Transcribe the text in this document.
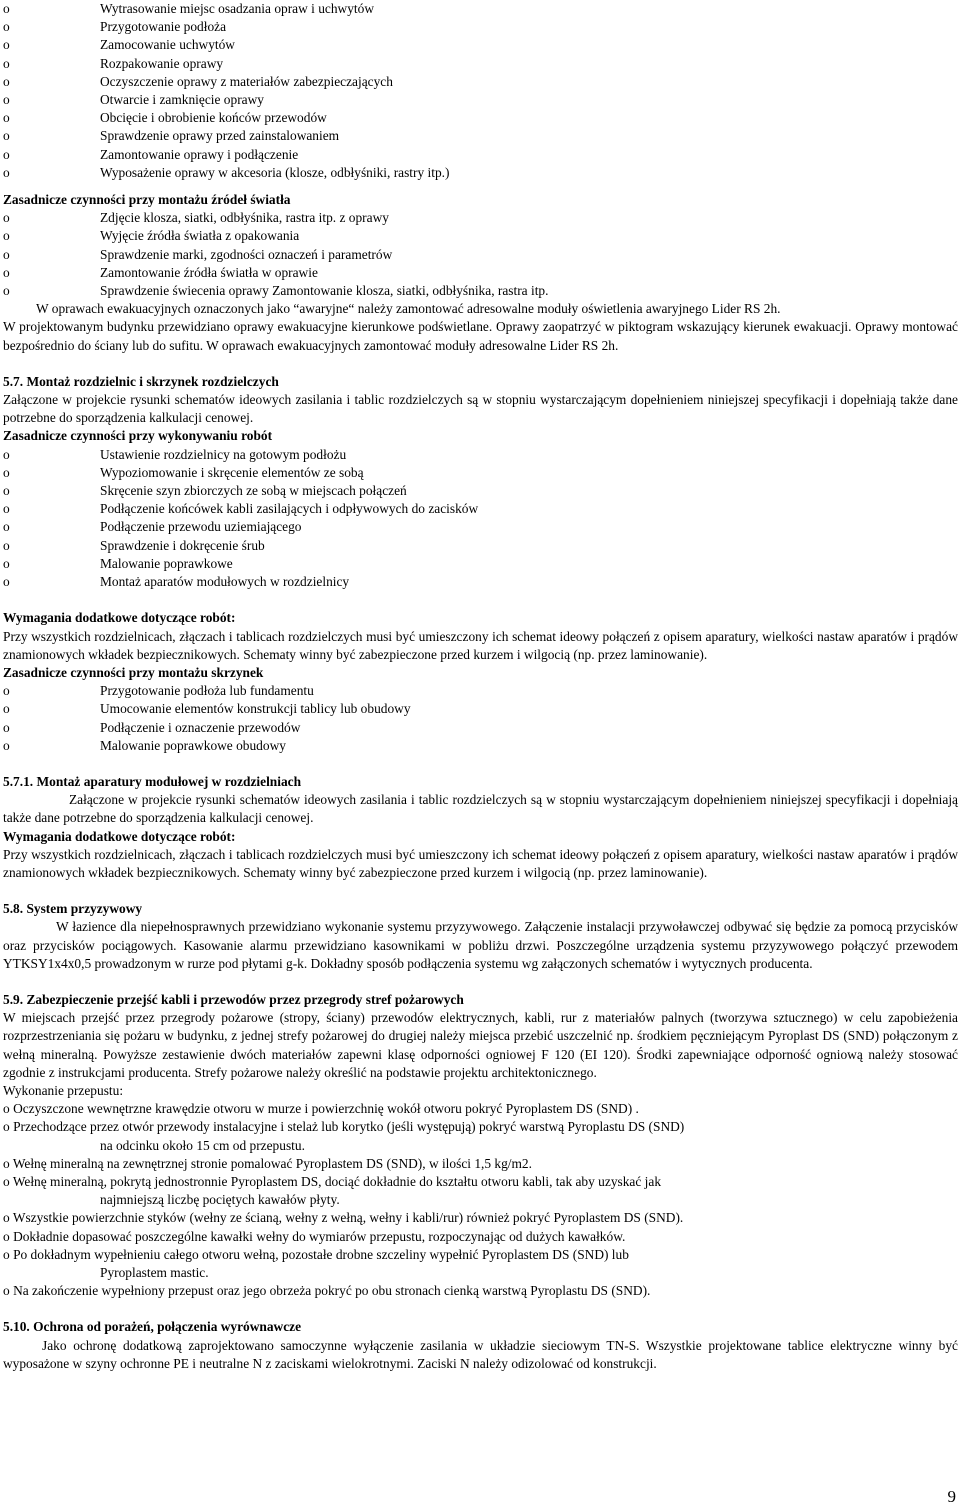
o	Wytrasowanie miejsc osadzania opraw i uchwytów
o	Przygotowanie podłoża
o	Zamocowanie uchwytów
o	Rozpakowanie oprawy
o	Oczyszczenie oprawy z materiałów zabezpieczających
o	Otwarcie i zamknięcie oprawy
o	Obcięcie i obrobienie końców przewodów
o	Sprawdzenie oprawy przed zainstalowaniem
o	Zamontowanie oprawy i podłączenie
o	Wyposażenie oprawy w akcesoria (klosze, odbłyśniki, rastry itp.)
Zasadnicze czynności przy montażu źródeł światła
o	Zdjęcie klosza, siatki, odbłyśnika, rastra itp. z oprawy
o	Wyjęcie źródła światła z opakowania
o	Sprawdzenie marki, zgodności oznaczeń i parametrów
o	Zamontowanie źródła światła w oprawie
o	Sprawdzenie świecenia oprawy Zamontowanie klosza, siatki, odbłyśnika, rastra itp.
W oprawach ewakuacyjnych oznaczonych jako “awaryjne“ należy zamontować adresowalne moduły oświetlenia awaryjnego Lider RS 2h.
W projektowanym budynku przewidziano oprawy ewakuacyjne kierunkowe podświetlane. Oprawy zaopatrzyć w piktogram wskazujący kierunek ewakuacji. Oprawy montować bezpośrednio do ściany lub do sufitu. W oprawach ewakuacyjnych zamontować moduły adresowalne Lider RS 2h.
5.7. Montaż rozdzielnic i skrzynek rozdzielczych
Załączone w projekcie rysunki schematów ideowych zasilania i tablic rozdzielczych są w stopniu wystarczającym dopełnieniem niniejszej specyfikacji i dopełniają także dane potrzebne do sporządzenia kalkulacji cenowej.
Zasadnicze czynności przy wykonywaniu robót
o	Ustawienie rozdzielnicy na gotowym podłożu
o	Wypoziomowanie i skręcenie elementów ze sobą
o	Skręcenie szyn zbiorczych ze sobą w miejscach połączeń
o	Podłączenie końcówek kabli zasilających i odpływowych do zacisków
o	Podłączenie przewodu uziemiającego
o	Sprawdzenie i dokręcenie śrub
o	Malowanie poprawkowe
o	Montaż aparatów modułowych w rozdzielnicy
Wymagania dodatkowe dotyczące robót:
Przy wszystkich rozdzielnicach, złączach i tablicach rozdzielczych musi być umieszczony ich schemat ideowy połączeń z opisem aparatury, wielkości nastaw aparatów i prądów znamionowych wkładek bezpiecznikowych. Schematy winny być zabezpieczone przed kurzem i wilgocią (np. przez laminowanie).
Zasadnicze czynności przy montażu skrzynek
o	Przygotowanie podłoża lub fundamentu
o	Umocowanie elementów konstrukcji tablicy lub obudowy
o	Podłączenie i oznaczenie przewodów
o	Malowanie poprawkowe obudowy
5.7.1. Montaż aparatury modułowej w rozdzielniach
Załączone w projekcie rysunki schematów ideowych zasilania i tablic rozdzielczych są w stopniu wystarczającym dopełnieniem niniejszej specyfikacji i dopełniają także dane potrzebne do sporządzenia kalkulacji cenowej.
Wymagania dodatkowe dotyczące robót:
Przy wszystkich rozdzielnicach, złączach i tablicach rozdzielczych musi być umieszczony ich schemat ideowy połączeń z opisem aparatury, wielkości nastaw aparatów i prądów znamionowych wkładek bezpiecznikowych. Schematy winny być zabezpieczone przed kurzem i wilgocią (np. przez laminowanie).
5.8. System przyzywowy
W łazience dla niepełnosprawnych przewidziano wykonanie systemu przyzywowego. Załączenie instalacji przywoławczej odbywać się będzie za pomocą przycisków oraz przycisków pociągowych. Kasowanie alarmu przewidziano kasownikami w pobliżu drzwi. Poszczególne urządzenia systemu przyzywowego połączyć przewodem YTKSY1x4x0,5 prowadzonym w rurze pod płytami g-k. Dokładny sposób podłączenia systemu wg załączonych schematów i wytycznych producenta.
5.9. Zabezpieczenie przejść kabli i przewodów przez przegrody stref pożarowych
W miejscach przejść przez przegrody pożarowe (stropy, ściany) przewodów elektrycznych, kabli, rur z materiałów palnych (tworzywa sztucznego) w celu zapobieżenia rozprzestrzeniania się pożaru w budynku, z jednej strefy pożarowej do drugiej należy miejsca przebić uszczelnić np. środkiem pęczniejącym Pyroplast DS (SND) połączonym z wełną mineralną. Powyższe zestawienie dwóch materiałów zapewni klasę odporności ogniowej F 120 (EI 120). Środki zapewniające odporność ogniową należy stosować zgodnie z instrukcjami producenta. Strefy pożarowe należy określić na podstawie projektu architektonicznego.
Wykonanie przepustu:
o Oczyszczone wewnętrzne krawędzie otworu w murze i powierzchnię wokół otworu pokryć Pyroplastem DS (SND) .
o Przechodzące przez otwór przewody instalacyjne i stelaż lub korytko (jeśli występują) pokryć warstwą Pyroplastu DS (SND)
na odcinku około 15 cm od przepustu.
o Wełnę mineralną na zewnętrznej stronie pomalować Pyroplastem DS (SND), w ilości 1,5 kg/m2.
o Wełnę mineralną, pokrytą jednostronnie Pyroplastem DS, dociąć dokładnie do kształtu otworu kabli, tak aby uzyskać jak
najmniejszą liczbę pociętych kawałów płyty.
o Wszystkie powierzchnie styków (wełny ze ścianą, wełny z wełną, wełny i kabli/rur) również pokryć Pyroplastem DS (SND).
o Dokładnie dopasować poszczególne kawałki wełny do wymiarów przepustu, rozpoczynając od dużych kawałków.
o Po dokładnym wypełnieniu całego otworu wełną, pozostałe drobne szczeliny wypełnić Pyroplastem DS (SND) lub
Pyroplastem mastic.
o Na zakończenie wypełniony przepust oraz jego obrzeża pokryć po obu stronach cienką warstwą Pyroplastu DS (SND).
5.10. Ochrona od porażeń, połączenia wyrównawcze
Jako ochronę dodatkową zaprojektowano samoczynne wyłączenie zasilania w układzie sieciowym TN-S. Wszystkie projektowane tablice elektryczne winny być wyposażone w szyny ochronne PE i neutralne N z zaciskami wielokrotnymi. Zaciski N należy odizolować od konstrukcji.
9
